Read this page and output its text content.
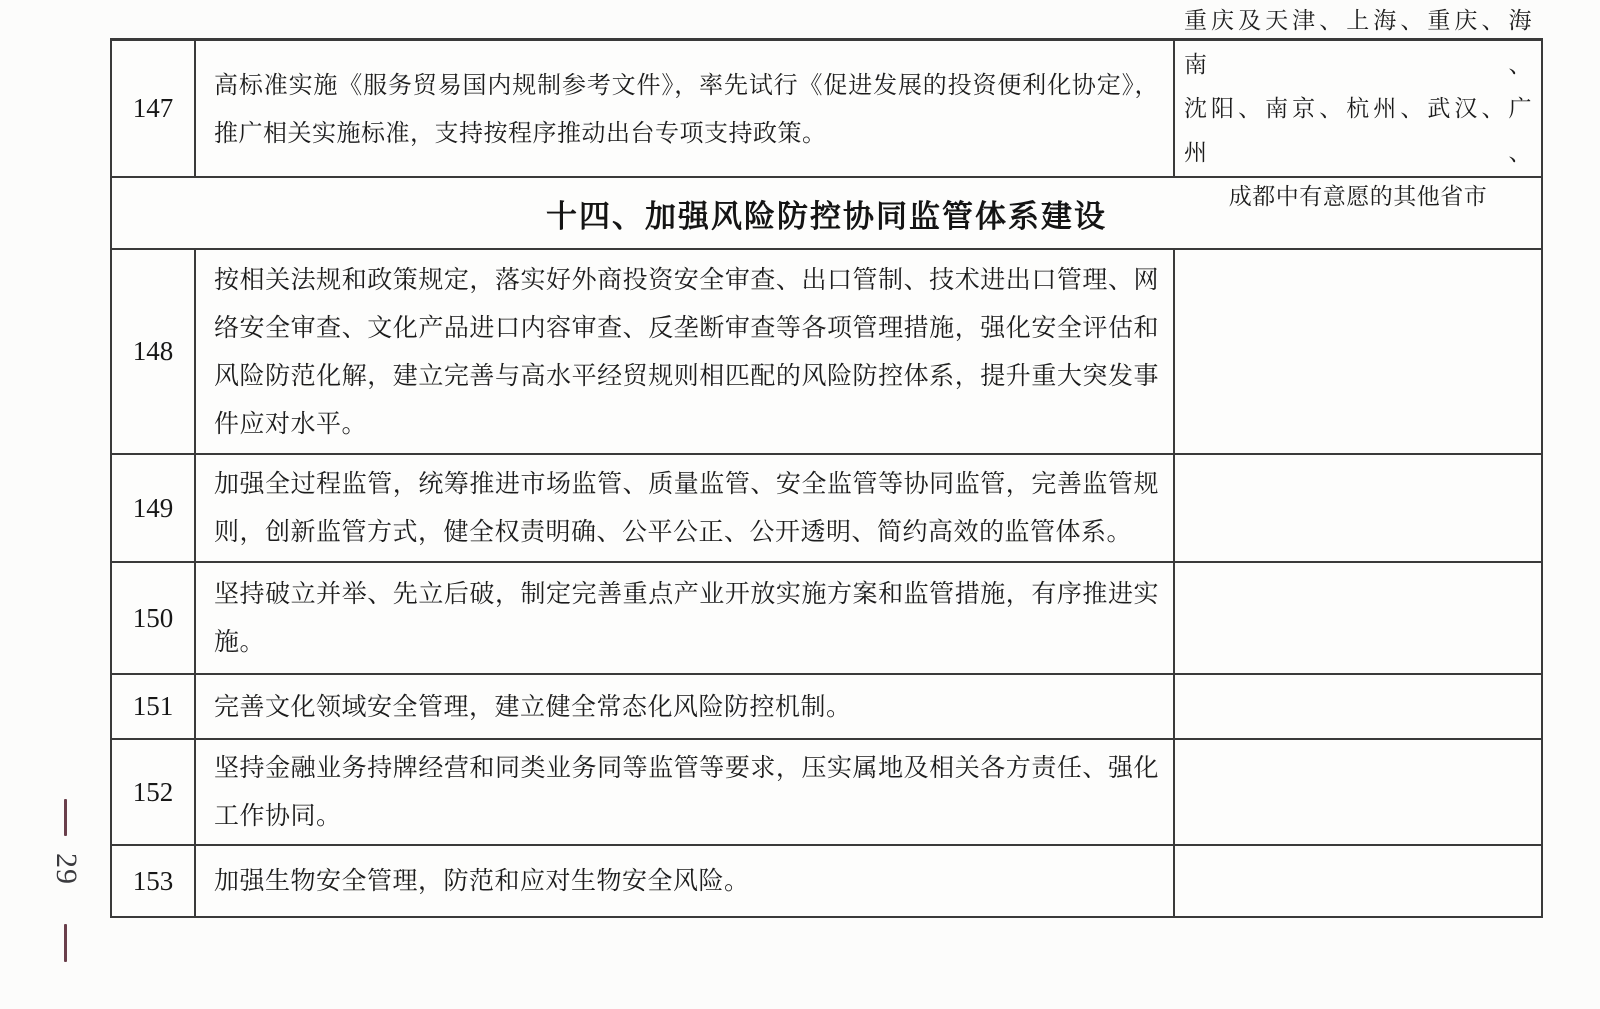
147
高标准实施《服务贸易国内规制参考文件》，率先试行《促进发展的投资便利化协定》，
推广相关实施标准，支持按程序推动出台专项支持政策。
重庆及天津、上海、重庆、海南、
沈阳、南京、杭州、武汉、广州、
成都中有意愿的其他省市
十四、加强风险防控协同监管体系建设
148
按相关法规和政策规定，落实好外商投资安全审查、出口管制、技术进出口管理、网
络安全审查、文化产品进口内容审查、反垄断审查等各项管理措施，强化安全评估和
风险防范化解，建立完善与高水平经贸规则相匹配的风险防控体系，提升重大突发事
件应对水平。
149
加强全过程监管，统筹推进市场监管、质量监管、安全监管等协同监管，完善监管规
则，创新监管方式，健全权责明确、公平公正、公开透明、简约高效的监管体系。
150
坚持破立并举、先立后破，制定完善重点产业开放实施方案和监管措施，有序推进实
施。
151	完善文化领域安全管理，建立健全常态化风险防控机制。
152
坚持金融业务持牌经营和同类业务同等监管等要求，压实属地及相关各方责任、强化
工作协同。
153	加强生物安全管理，防范和应对生物安全风险。
29
